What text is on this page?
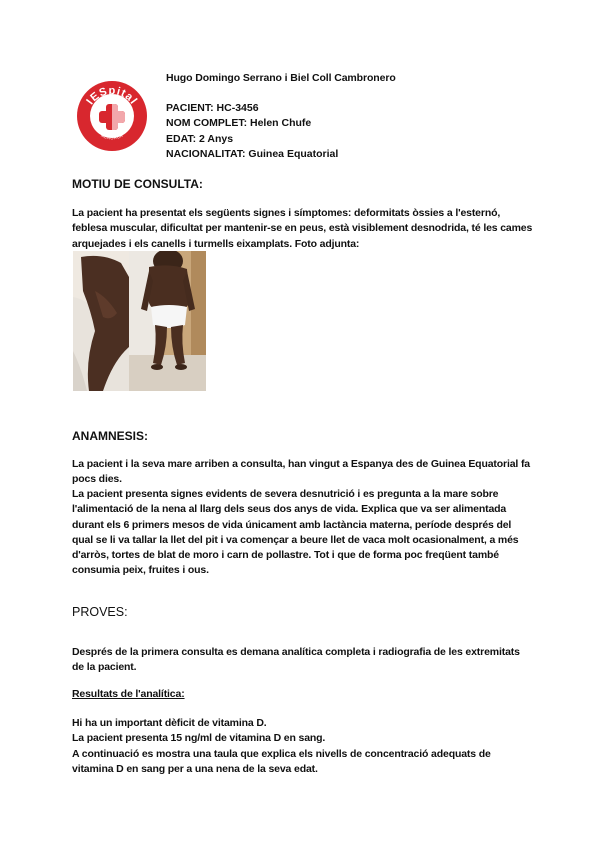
IESpital
MENORCA
Hugo Domingo Serrano i Biel Coll Cambronero
PACIENT: HC-3456
NOM COMPLET: Helen Chufe
EDAT: 2 Anys
NACIONALITAT: Guinea Equatorial
MOTIU DE CONSULTA:
La pacient ha presentat els següents signes i símptomes: deformitats òssies a l'esternó, feblesa muscular, dificultat per mantenir-se en peus, està visiblement desnodrida, té les cames arquejades i els canells i turmells eixamplats. Foto adjunta:
ANAMNESIS:
La pacient i la seva mare arriben a consulta, han vingut a Espanya des de Guinea Equatorial fa pocs dies.
La pacient presenta signes evidents de severa desnutrició i es pregunta a la mare sobre l'alimentació de la nena al llarg dels seus dos anys de vida. Explica que va ser alimentada durant els 6 primers mesos de vida únicament amb lactància materna, període després del qual se li va tallar la llet del pit i va començar a beure llet de vaca molt ocasionalment, a més d'arròs, tortes de blat de moro i carn de pollastre. Tot i que de forma poc freqüent també consumia peix, fruites i ous.
PROVES:
Després de la primera consulta es demana analítica completa i radiografia de les extremitats de la pacient.
Resultats de l'analítica:
Hi ha un important dèficit de vitamina D.
La pacient presenta 15 ng/ml de vitamina D en sang.
A continuació es mostra una taula que explica els nivells de concentració adequats de vitamina D en sang per a una nena de la seva edat.
